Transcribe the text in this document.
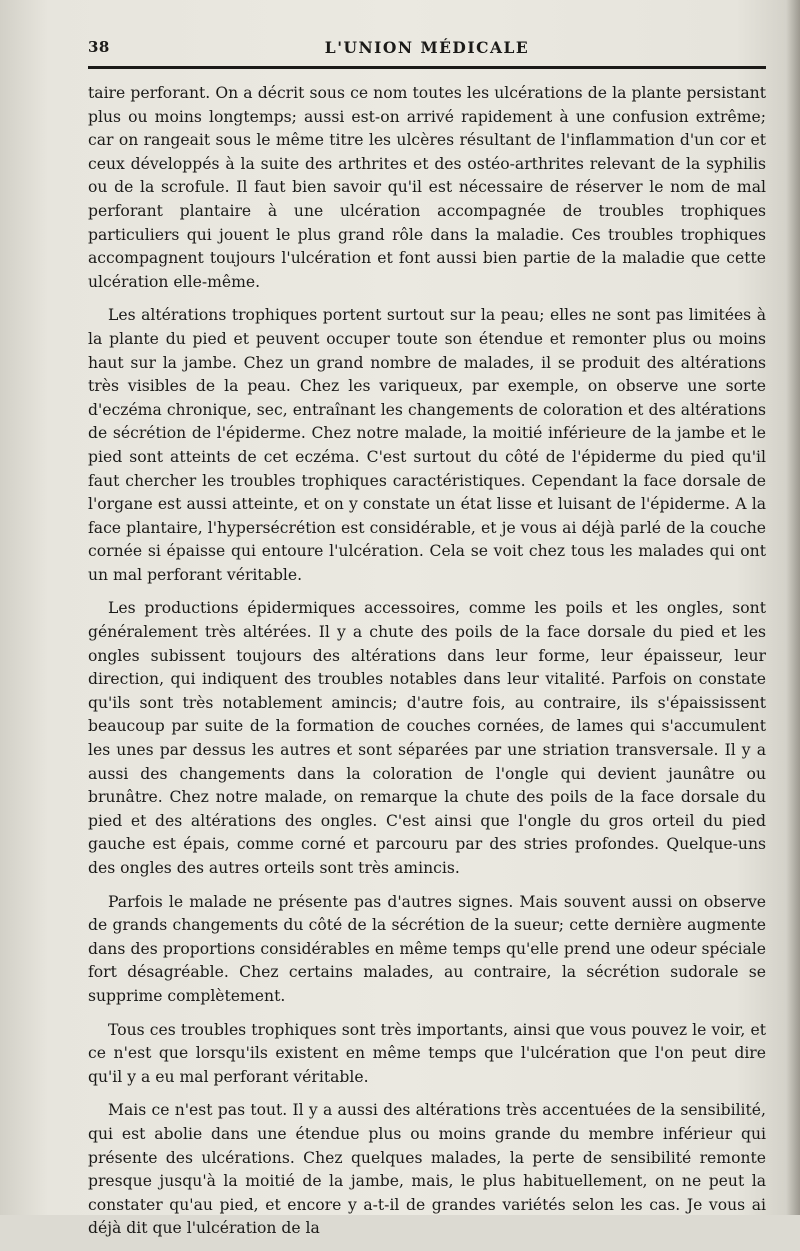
38	L'UNION MÉDICALE

taire perforant. On a décrit sous ce nom toutes les ulcérations de la plante persistant plus ou moins longtemps; aussi est-on arrivé rapidement à une confusion extrême; car on rangeait sous le même titre les ulcères résultant de l'inflammation d'un cor et ceux développés à la suite des arthrites et des ostéo-arthrites relevant de la syphilis ou de la scrofule. Il faut bien savoir qu'il est nécessaire de réserver le nom de mal perforant plantaire à une ulcération accompagnée de troubles trophiques particuliers qui jouent le plus grand rôle dans la maladie. Ces troubles trophiques accompagnent toujours l'ulcération et font aussi bien partie de la maladie que cette ulcération elle-même.

Les altérations trophiques portent surtout sur la peau; elles ne sont pas limitées à la plante du pied et peuvent occuper toute son étendue et remonter plus ou moins haut sur la jambe. Chez un grand nombre de malades, il se produit des altérations très visibles de la peau. Chez les variqueux, par exemple, on observe une sorte d'eczéma chronique, sec, entraînant les changements de coloration et des altérations de sécrétion de l'épiderme. Chez notre malade, la moitié inférieure de la jambe et le pied sont atteints de cet eczéma. C'est surtout du côté de l'épiderme du pied qu'il faut chercher les troubles trophiques caractéristiques. Cependant la face dorsale de l'organe est aussi atteinte, et on y constate un état lisse et luisant de l'épiderme. A la face plantaire, l'hypersécrétion est considérable, et je vous ai déjà parlé de la couche cornée si épaisse qui entoure l'ulcération. Cela se voit chez tous les malades qui ont un mal perforant véritable.

Les productions épidermiques accessoires, comme les poils et les ongles, sont généralement très altérées. Il y a chute des poils de la face dorsale du pied et les ongles subissent toujours des altérations dans leur forme, leur épaisseur, leur direction, qui indiquent des troubles notables dans leur vitalité. Parfois on constate qu'ils sont très notablement amincis; d'autre fois, au contraire, ils s'épaississent beaucoup par suite de la formation de couches cornées, de lames qui s'accumulent les unes par dessus les autres et sont séparées par une striation transversale. Il y a aussi des changements dans la coloration de l'ongle qui devient jaunâtre ou brunâtre. Chez notre malade, on remarque la chute des poils de la face dorsale du pied et des altérations des ongles. C'est ainsi que l'ongle du gros orteil du pied gauche est épais, comme corné et parcouru par des stries profondes. Quelque-uns des ongles des autres orteils sont très amincis.

Parfois le malade ne présente pas d'autres signes. Mais souvent aussi on observe de grands changements du côté de la sécrétion de la sueur; cette dernière augmente dans des proportions considérables en même temps qu'elle prend une odeur spéciale fort désagréable. Chez certains malades, au contraire, la sécrétion sudorale se supprime complètement.

Tous ces troubles trophiques sont très importants, ainsi que vous pouvez le voir, et ce n'est que lorsqu'ils existent en même temps que l'ulcération que l'on peut dire qu'il y a eu mal perforant véritable.

Mais ce n'est pas tout. Il y a aussi des altérations très accentuées de la sensibilité, qui est abolie dans une étendue plus ou moins grande du membre inférieur qui présente des ulcérations. Chez quelques malades, la perte de sensibilité remonte presque jusqu'à la moitié de la jambe, mais, le plus habituellement, on ne peut la constater qu'au pied, et encore y a-t-il de grandes variétés selon les cas. Je vous ai déjà dit que l'ulcération de la
